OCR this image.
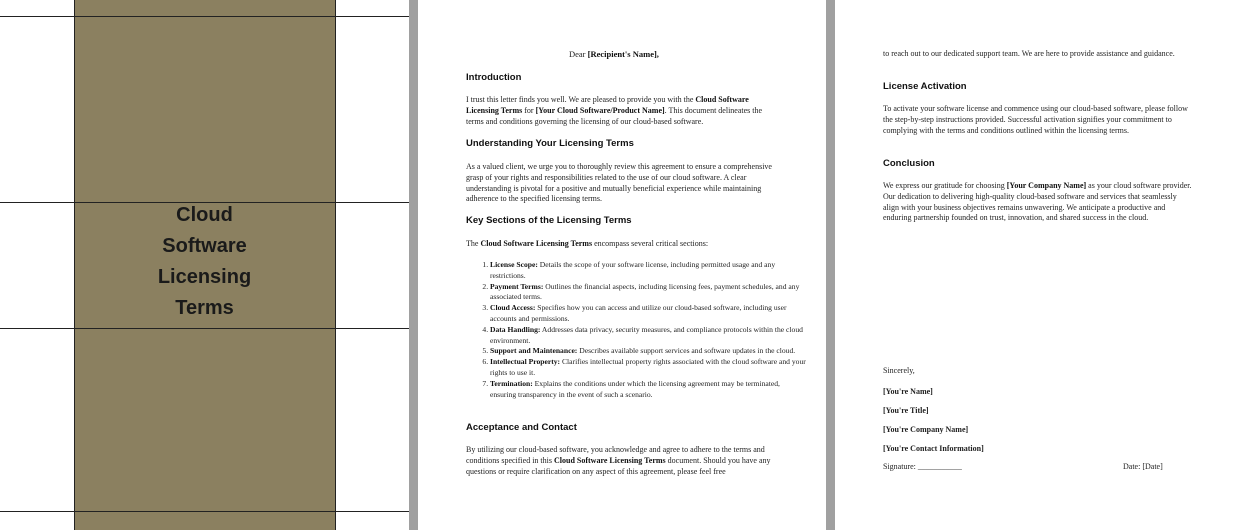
Cloud
Software
Licensing
Terms
Dear [Recipient's Name],
Introduction
I trust this letter finds you well. We are pleased to provide you with the Cloud Software Licensing Terms for [Your Cloud Software/Product Name]. This document delineates the terms and conditions governing the licensing of our cloud-based software.
Understanding Your Licensing Terms
As a valued client, we urge you to thoroughly review this agreement to ensure a comprehensive grasp of your rights and responsibilities related to the use of our cloud software. A clear understanding is pivotal for a positive and mutually beneficial experience while maintaining adherence to the specified licensing terms.
Key Sections of the Licensing Terms
The Cloud Software Licensing Terms encompass several critical sections:
1. License Scope: Details the scope of your software license, including permitted usage and any restrictions.
2. Payment Terms: Outlines the financial aspects, including licensing fees, payment schedules, and any associated terms.
3. Cloud Access: Specifies how you can access and utilize our cloud-based software, including user accounts and permissions.
4. Data Handling: Addresses data privacy, security measures, and compliance protocols within the cloud environment.
5. Support and Maintenance: Describes available support services and software updates in the cloud.
6. Intellectual Property: Clarifies intellectual property rights associated with the cloud software and your rights to use it.
7. Termination: Explains the conditions under which the licensing agreement may be terminated, ensuring transparency in the event of such a scenario.
Acceptance and Contact
By utilizing our cloud-based software, you acknowledge and agree to adhere to the terms and conditions specified in this Cloud Software Licensing Terms document. Should you have any questions or require clarification on any aspect of this agreement, please feel free
to reach out to our dedicated support team. We are here to provide assistance and guidance.
License Activation
To activate your software license and commence using our cloud-based software, please follow the step-by-step instructions provided. Successful activation signifies your commitment to complying with the terms and conditions outlined within the licensing terms.
Conclusion
We express our gratitude for choosing [Your Company Name] as your cloud software provider. Our dedication to delivering high-quality cloud-based software and services that seamlessly align with your business objectives remains unwavering. We anticipate a productive and enduring partnership founded on trust, innovation, and shared success in the cloud.
Sincerely,
[You're Name]
[You're Title]
[You're Company Name]
[You're Contact Information]
Signature: ___________	Date: [Date]
